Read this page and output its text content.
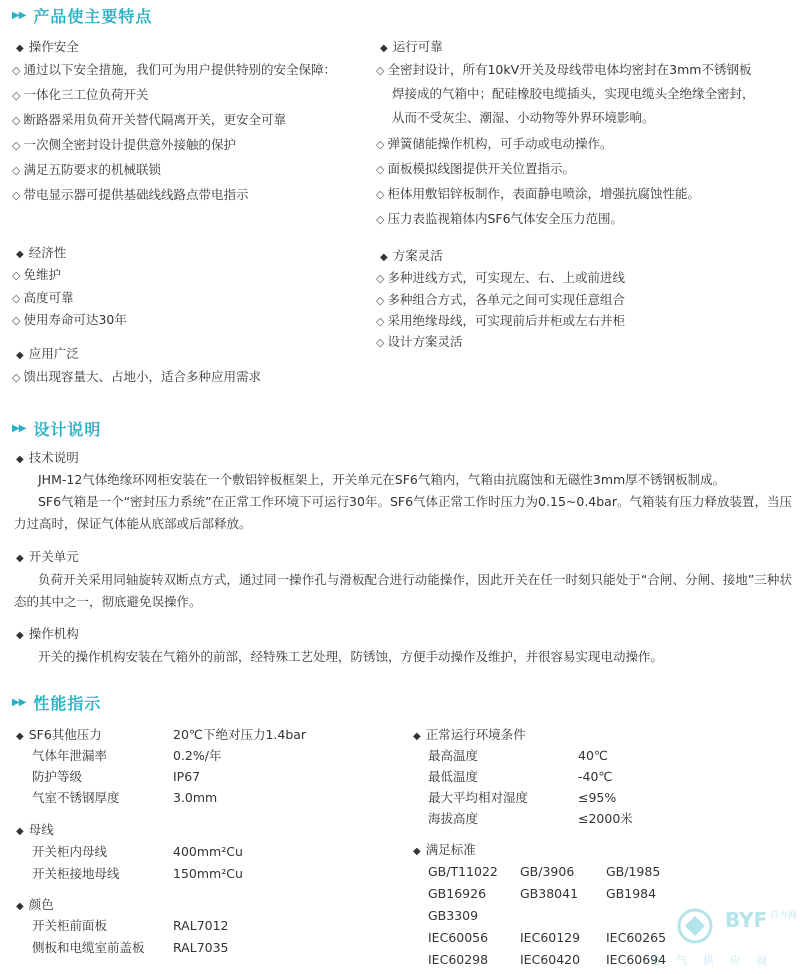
▶▶ 产品使主要特点
◆ 操作安全
◇ 通过以下安全措施，我们可为用户提供特别的安全保障：
◇ 一体化三工位负荷开关
◇ 断路器采用负荷开关替代隔离开关，更安全可靠
◇ 一次侧全密封设计提供意外接触的保护
◇ 满足五防要求的机械联锁
◇ 带电显示器可提供基础线线路点带电指示
◆ 经济性
◇ 免维护
◇ 高度可靠
◇ 使用寿命可达30年
◆ 应用广泛
◇ 馈出现容量大、占地小，适合多种应用需求
◆ 运行可靠
◇ 全密封设计，所有10kV开关及母线带电体均密封在3mm不锈钢板
焊接成的气箱中；配硅橡胶电缆插头，实现电缆头全绝缘全密封，
从而不受灰尘、潮湿、小动物等外界环境影响。
◇ 弹簧储能操作机构，可手动或电动操作。
◇ 面板模拟线图提供开关位置指示。
◇ 柜体用敷铝锌板制作，表面静电喷涂，增强抗腐蚀性能。
◇ 压力表监视箱体内SF6气体安全压力范围。
◆ 方案灵活
◇ 多种进线方式，可实现左、右、上或前进线
◇ 多种组合方式，各单元之间可实现任意组合
◇ 采用绝缘母线，可实现前后并柜或左右并柜
◇ 设计方案灵活
▶▶ 设计说明
◆ 技术说明
JHM-12气体绝缘环网柜安装在一个敷铝锌板框架上，开关单元在SF6气箱内，气箱由抗腐蚀和无磁性3mm厚不锈钢板制成。
SF6气箱是一个“密封压力系统”在正常工作环境下可运行30年。SF6气体正常工作时压力为0.15~0.4bar。气箱装有压力释放装置，当压力过高时，保证气体能从底部或后部释放。
◆ 开关单元
负荷开关采用同轴旋转双断点方式，通过同一操作孔与滑板配合进行动能操作，因此开关在任一时刻只能处于“合闸、分闸、接地”三种状态的其中之一，彻底避免误操作。
◆ 操作机构
开关的操作机构安装在气箱外的前部，经特殊工艺处理，防锈蚀，方便手动操作及维护，并很容易实现电动操作。
▶▶ 性能指示
◆ SF6其他压力	20℃下绝对压力1.4bar
气体年泄漏率	0.2%/年
防护等级	IP67
气室不锈钢厚度	3.0mm
◆ 母线
开关柜内母线	400mm²Cu
开关柜接地母线	150mm²Cu
◆ 颜色
开关柜前面板	RAL7012
侧板和电缆室前盖板 RAL7035
◆ 正常运行环境条件
最高温度	40℃
最低温度	-40℃
最大平均相对湿度	≤95%
海拔高度	≤2000米
◆ 满足标准
GB/T11022 GB/3906	GB/1985
GB16926	GB38041 GB1984
GB3309
IEC60056	IEC60129 IEC60265
IEC60298	IEC60420 IEC60694
BYF 百方网
电 气 供 应 商
